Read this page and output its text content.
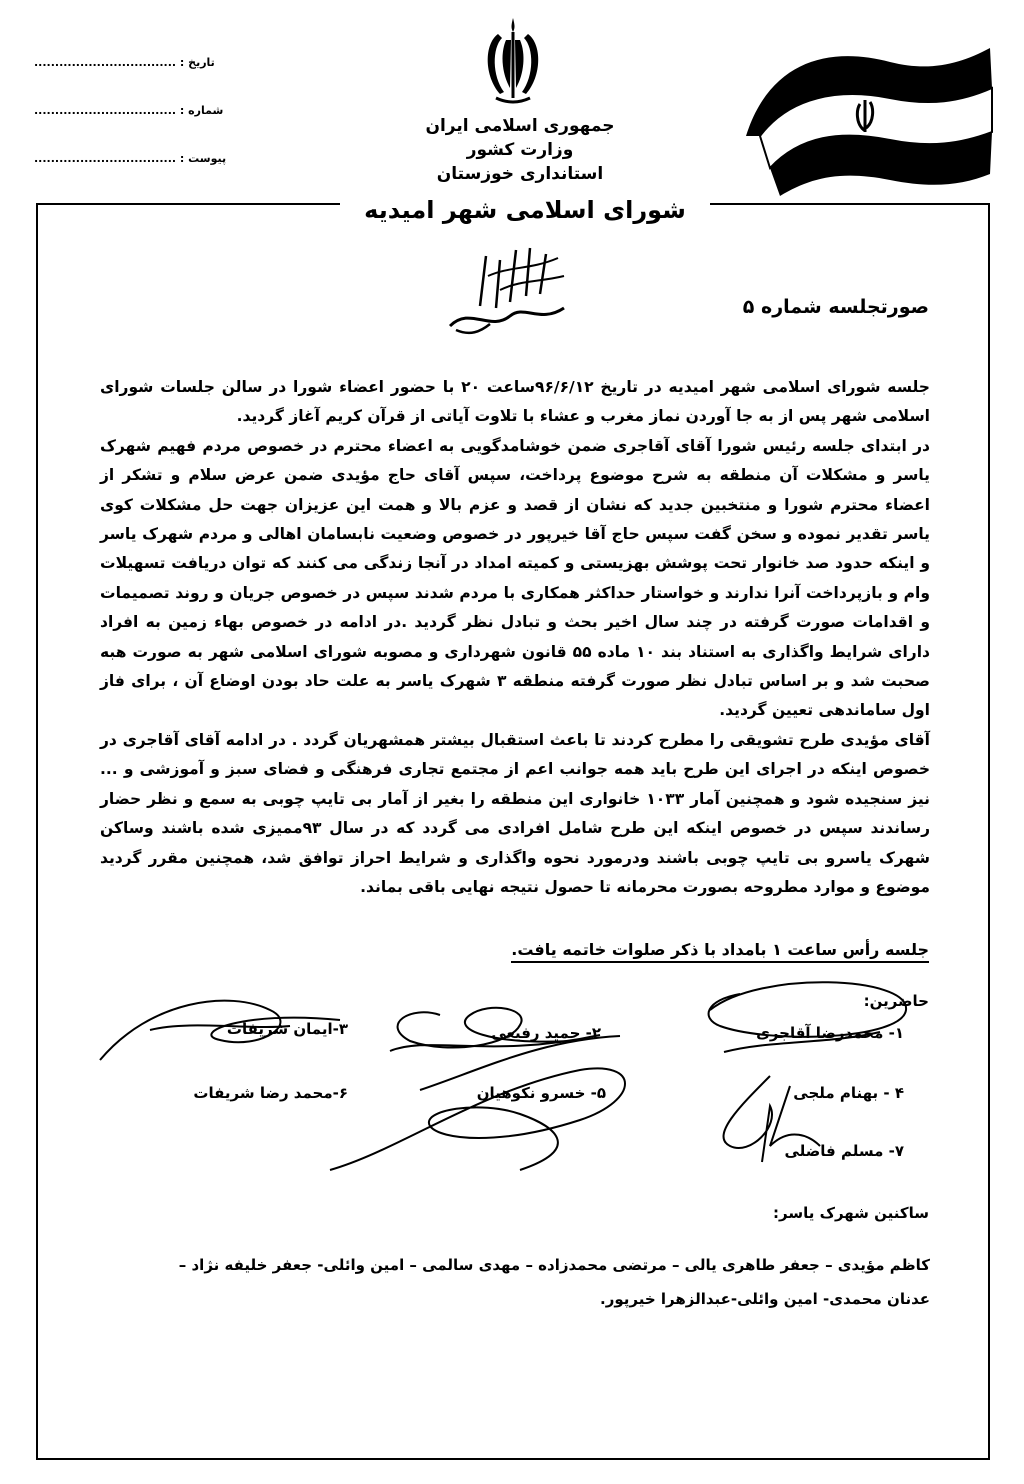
تاریخ : ..................................
شماره : ..................................
پیوست : ..................................
جمهوری اسلامی ایران
وزارت کشور
استانداری خوزستان
شورای اسلامی شهر امیدیه
صورتجلسه شماره ۵

جلسه شورای اسلامی شهر امیدیه در تاریخ ۹۶/۶/۱۲ساعت ۲۰ با حضور اعضاء شورا در سالن جلسات شورای اسلامی شهر پس از به جا آوردن نماز مغرب و عشاء با تلاوت آیاتی از قرآن کریم آغاز گردید.

در ابتدای جلسه رئیس شورا آقای آقاجری ضمن خوشامدگویی به اعضاء محترم در خصوص مردم فهیم شهرک یاسر و مشکلات آن منطقه به شرح موضوع پرداخت، سپس آقای حاج مؤیدی ضمن عرض سلام و تشکر از اعضاء محترم شورا و منتخبین جدید که نشان از قصد و عزم بالا و همت این عزیزان جهت حل مشکلات کوی یاسر تقدیر نموده و سخن گفت سپس حاج آقا خیرپور در خصوص وضعیت نابسامان اهالی و مردم شهرک یاسر و اینکه حدود صد خانوار تحت پوشش بهزیستی و کمیته امداد در آنجا زندگی می کنند که توان دریافت تسهیلات وام و بازپرداخت آنرا ندارند و خواستار حداکثر همکاری با مردم شدند سپس در خصوص جریان و روند تصمیمات و اقدامات صورت گرفته در چند سال اخیر بحث و تبادل نظر گردید .در ادامه در خصوص بهاء زمین به افراد دارای شرایط واگذاری به استناد بند ۱۰ ماده ۵۵ قانون شهرداری و مصوبه شورای اسلامی شهر به صورت هبه صحبت شد و بر اساس تبادل نظر صورت گرفته منطقه ۳ شهرک یاسر به علت حاد بودن اوضاع آن ، برای فاز اول ساماندهی تعیین گردید.

آقای مؤیدی طرح تشویقی را مطرح کردند تا باعث استقبال بیشتر همشهریان گردد . در ادامه آقای آقاجری در خصوص اینکه در اجرای این طرح باید همه جوانب اعم از مجتمع تجاری فرهنگی و فضای سبز و آموزشی و ... نیز سنجیده شود و همچنین آمار ۱۰۳۳ خانواری این منطقه را بغیر از آمار بی تایپ چوبی به سمع و نظر حضار رساندند سپس در خصوص اینکه این طرح شامل افرادی می گردد که در سال ۹۳ممیزی شده باشند وساکن شهرک یاسرو بی تایپ چوبی باشند ودرمورد نحوه واگذاری و شرایط احراز توافق شد، همچنین مقرر گردید موضوع و موارد مطروحه بصورت محرمانه تا حصول نتیجه نهایی باقی بماند.

جلسه رأس ساعت ۱ بامداد با ذکر صلوات خاتمه یافت.
حاضرین:
۱- محمدرضا آقاجری
۲- حمید رفیعی
۳-ایمان شریفات
۴ - بهنام ملجی
۵- خسرو نکوهیان
۶-محمد رضا شریفات
۷- مسلم فاضلی
ساکنین شهرک یاسر:
کاظم مؤیدی – جعفر طاهری یالی – مرتضی محمدزاده – مهدی سالمی – امین وائلی- جعفر خلیفه نژاد – عدنان محمدی- امین وائلی-عبدالزهرا خیرپور.
